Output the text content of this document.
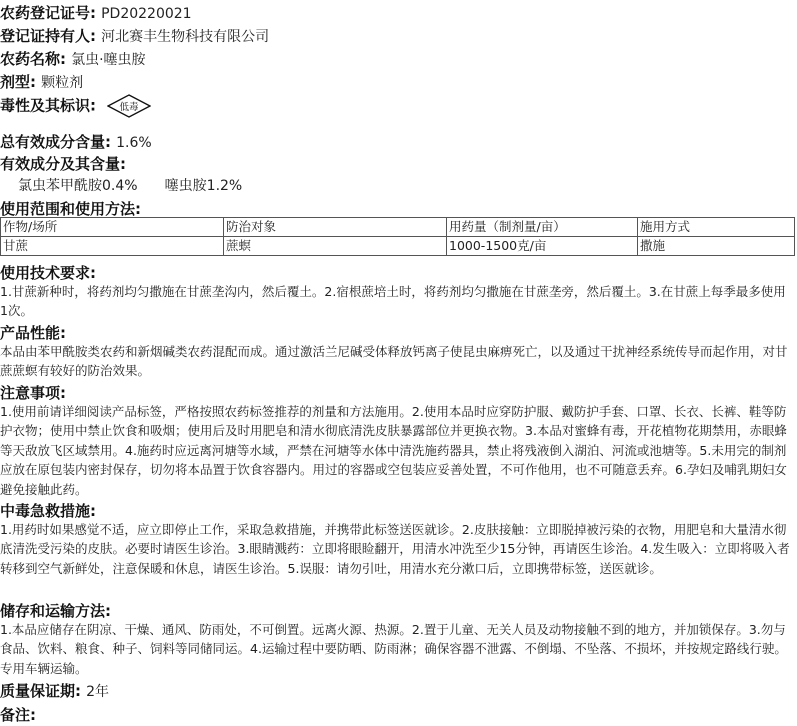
农药登记证号: PD20220021
登记证持有人: 河北赛丰生物科技有限公司
农药名称: 氯虫·噻虫胺
剂型: 颗粒剂
毒性及其标识: 低毒
总有效成分含量: 1.6%
有效成分及其含量:
氯虫苯甲酰胺0.4% 噻虫胺1.2%
使用范围和使用方法:
作物/场所	防治对象	用药量（制剂量/亩）	施用方式
甘蔗	蔗螟	1000-1500克/亩	撒施
使用技术要求:
1.甘蔗新种时，将药剂均匀撒施在甘蔗垄沟内，然后覆土。2.宿根蔗培土时，将药剂均匀撒施在甘蔗垄旁，然后覆土。3.在甘蔗上每季最多使用1次。
产品性能:
本品由苯甲酰胺类农药和新烟碱类农药混配而成。通过激活兰尼碱受体释放钙离子使昆虫麻痹死亡，以及通过干扰神经系统传导而起作用，对甘蔗蔗螟有较好的防治效果。
注意事项:
1.使用前请详细阅读产品标签，严格按照农药标签推荐的剂量和方法施用。2.使用本品时应穿防护服、戴防护手套、口罩、长衣、长裤、鞋等防护衣物；使用中禁止饮食和吸烟；使用后及时用肥皂和清水彻底清洗皮肤暴露部位并更换衣物。3.本品对蜜蜂有毒，开花植物花期禁用，赤眼蜂等天敌放飞区域禁用。4.施药时应远离河塘等水域，严禁在河塘等水体中清洗施药器具，禁止将残液倒入湖泊、河流或池塘等。5.未用完的制剂应放在原包装内密封保存，切勿将本品置于饮食容器内。用过的容器或空包装应妥善处置，不可作他用，也不可随意丢弃。6.孕妇及哺乳期妇女避免接触此药。
中毒急救措施:
1.用药时如果感觉不适，应立即停止工作，采取急救措施，并携带此标签送医就诊。2.皮肤接触：立即脱掉被污染的衣物，用肥皂和大量清水彻底清洗受污染的皮肤。必要时请医生诊治。3.眼睛溅药：立即将眼睑翻开，用清水冲洗至少15分钟，再请医生诊治。4.发生吸入：立即将吸入者转移到空气新鲜处，注意保暖和休息，请医生诊治。5.误服：请勿引吐，用清水充分漱口后，立即携带标签，送医就诊。
储存和运输方法:
1.本品应储存在阴凉、干燥、通风、防雨处，不可倒置。远离火源、热源。2.置于儿童、无关人员及动物接触不到的地方，并加锁保存。3.勿与食品、饮料、粮食、种子、饲料等同储同运。4.运输过程中要防晒、防雨淋；确保容器不泄露、不倒塌、不坠落、不损坏，并按规定路线行驶。专用车辆运输。
质量保证期: 2年
备注:
